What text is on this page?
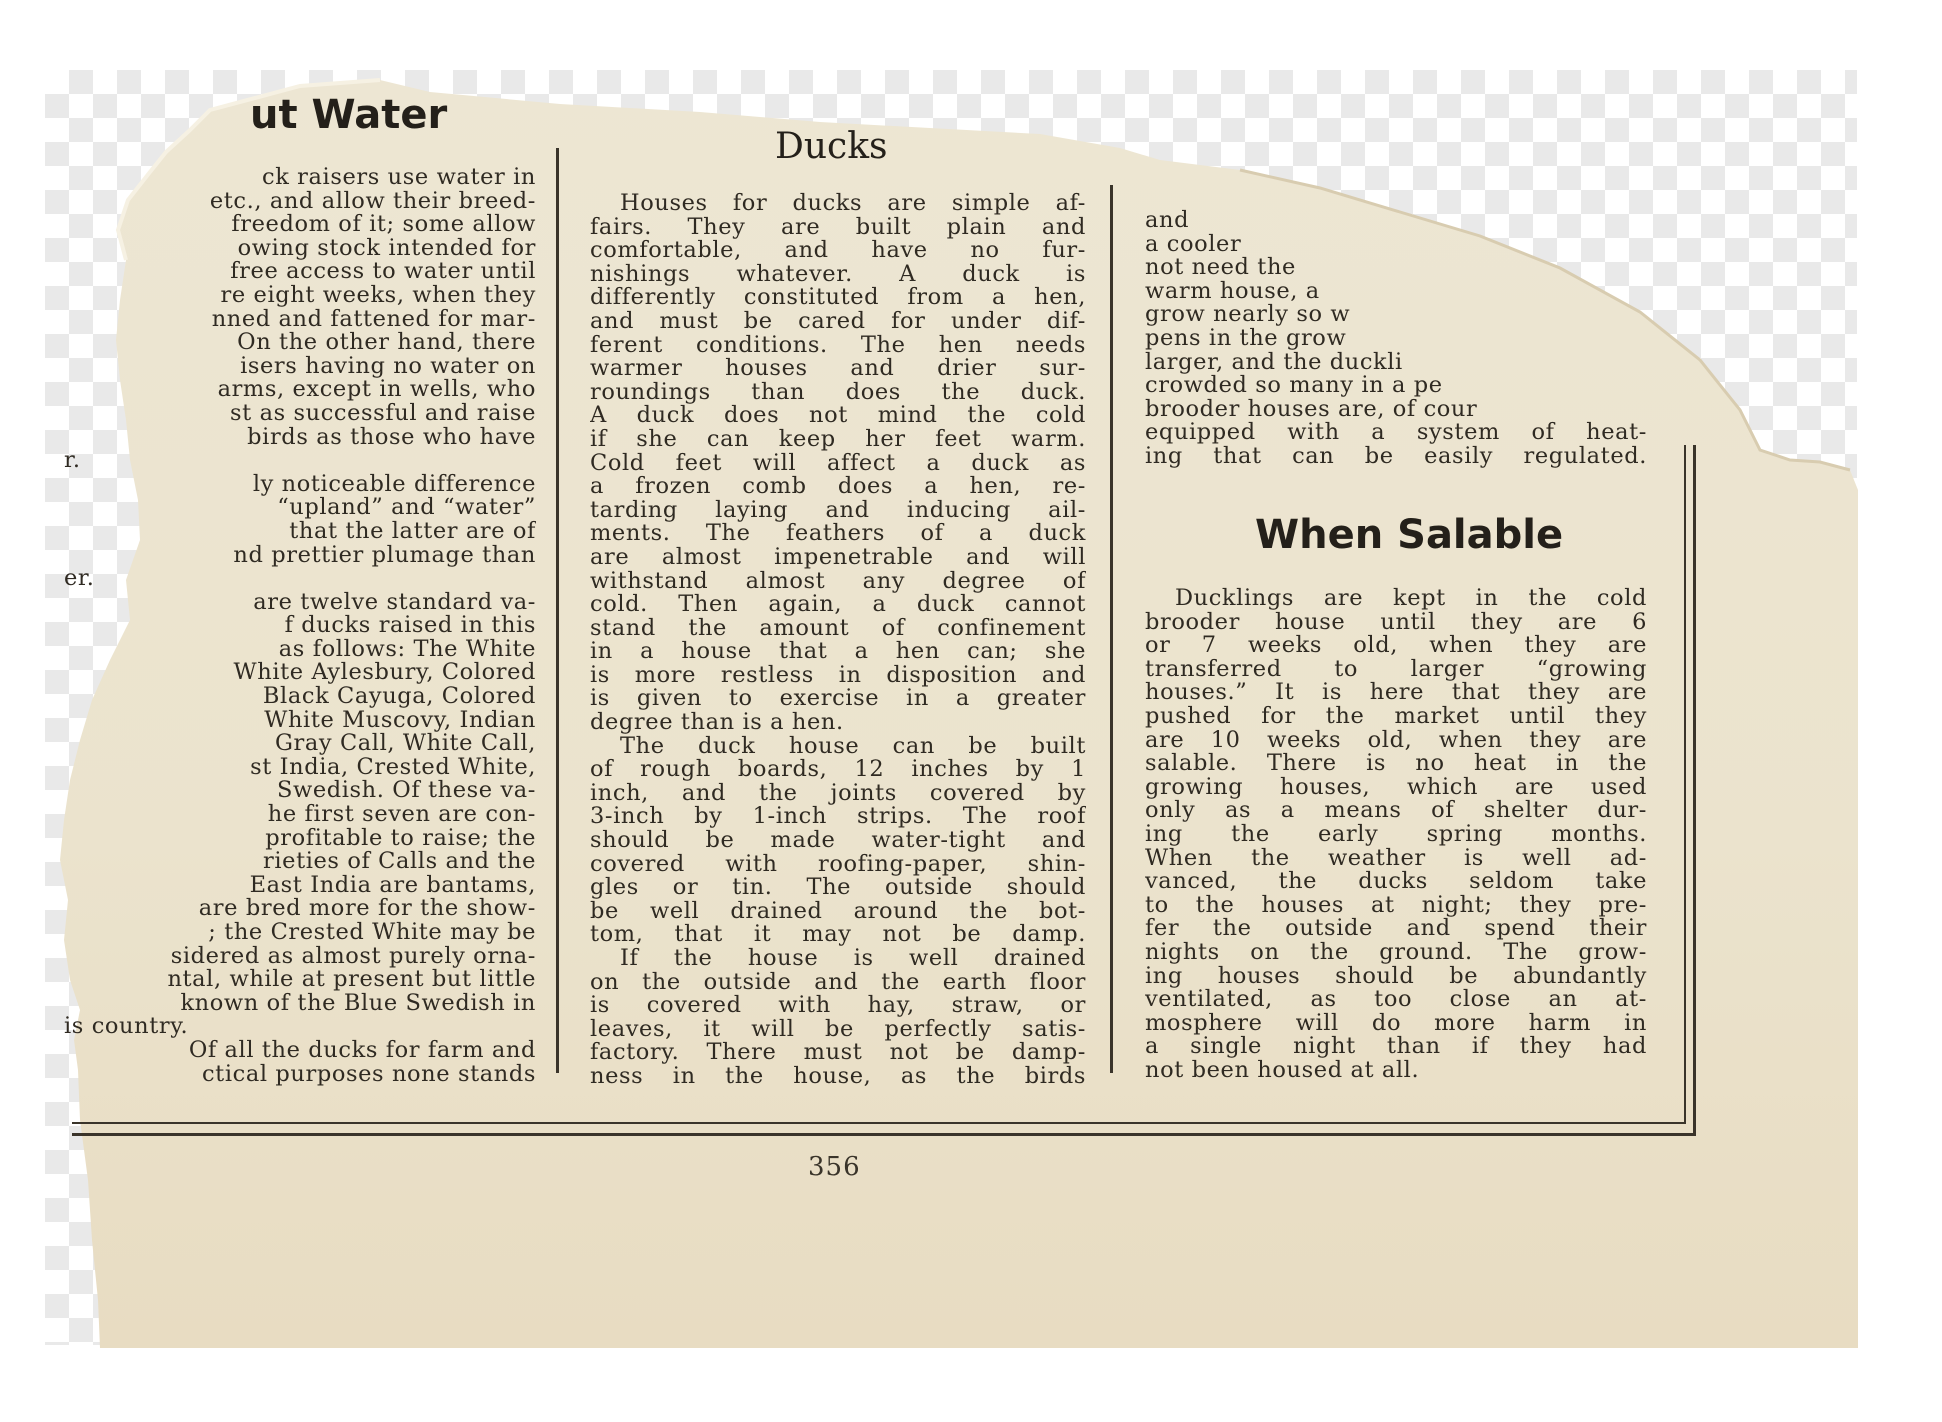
ut Water
Ducks
When Salable
ck raisers use water in
etc., and allow their breed-
freedom of it; some allow
owing stock intended for
free access to water until
re eight weeks, when they
nned and fattened for mar-
On the other hand, there
isers having no water on
arms, except in wells, who
st as successful and raise
birds as those who have
r.
ly noticeable difference
“upland” and “water”
that the latter are of
nd prettier plumage than
er.
are twelve standard va-
f ducks raised in this
as follows: The White
White Aylesbury, Colored
Black Cayuga, Colored
White Muscovy, Indian
Gray Call, White Call,
st India, Crested White,
Swedish. Of these va-
he first seven are con-
profitable to raise; the
rieties of Calls and the
East India are bantams,
are bred more for the show-
; the Crested White may be
sidered as almost purely orna-
ntal, while at present but little
known of the Blue Swedish in
is country.
Of all the ducks for farm and
ctical purposes none stands
Houses for ducks are simple af-
fairs. They are built plain and
comfortable, and have no fur-
nishings whatever. A duck is
differently constituted from a hen,
and must be cared for under dif-
ferent conditions. The hen needs
warmer houses and drier sur-
roundings than does the duck.
A duck does not mind the cold
if she can keep her feet warm.
Cold feet will affect a duck as
a frozen comb does a hen, re-
tarding laying and inducing ail-
ments. The feathers of a duck
are almost impenetrable and will
withstand almost any degree of
cold. Then again, a duck cannot
stand the amount of confinement
in a house that a hen can; she
is more restless in disposition and
is given to exercise in a greater
degree than is a hen.
The duck house can be built
of rough boards, 12 inches by 1
inch, and the joints covered by
3-inch by 1-inch strips. The roof
should be made water-tight and
covered with roofing-paper, shin-
gles or tin. The outside should
be well drained around the bot-
tom, that it may not be damp.
If the house is well drained
on the outside and the earth floor
is covered with hay, straw, or
leaves, it will be perfectly satis-
factory. There must not be damp-
ness in the house, as the birds
and
a cooler
not need the
warm house, a
grow nearly so w
pens in the grow
larger, and the duckli
crowded so many in a pe
brooder houses are, of cour
equipped with a system of heat-
ing that can be easily regulated.
Ducklings are kept in the cold
brooder house until they are 6
or 7 weeks old, when they are
transferred to larger “growing
houses.” It is here that they are
pushed for the market until they
are 10 weeks old, when they are
salable. There is no heat in the
growing houses, which are used
only as a means of shelter dur-
ing the early spring months.
When the weather is well ad-
vanced, the ducks seldom take
to the houses at night; they pre-
fer the outside and spend their
nights on the ground. The grow-
ing houses should be abundantly
ventilated, as too close an at-
mosphere will do more harm in
a single night than if they had
not been housed at all.
356
